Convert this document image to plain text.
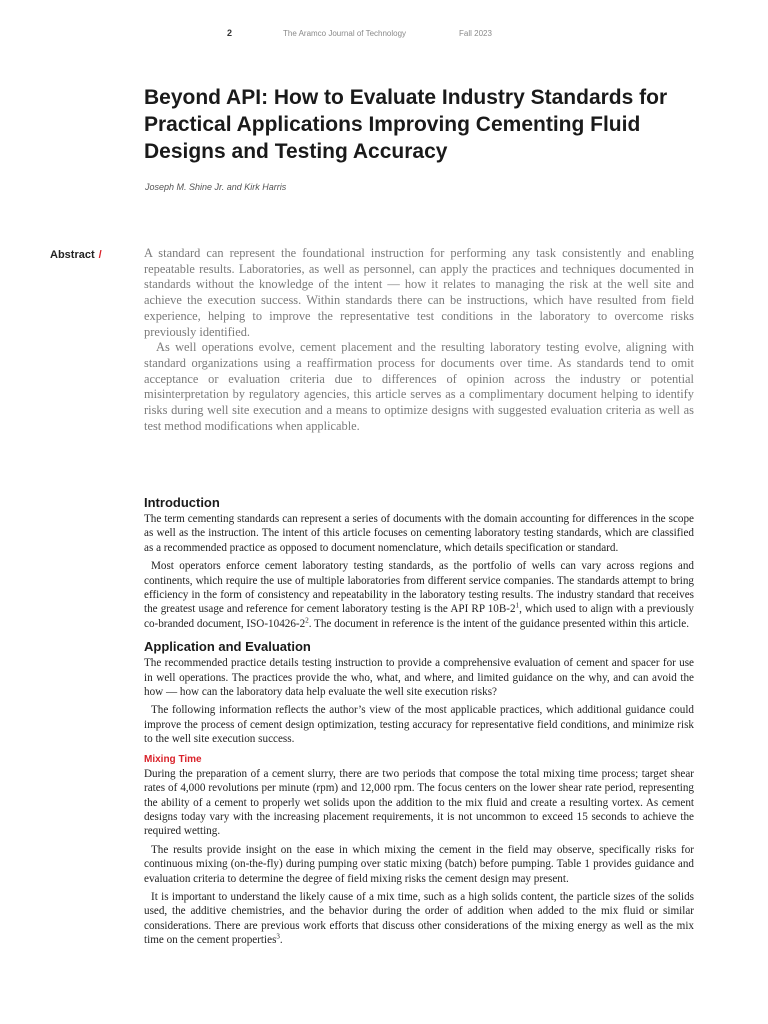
2	The Aramco Journal of Technology	Fall 2023
Beyond API: How to Evaluate Industry Standards for Practical Applications Improving Cementing Fluid Designs and Testing Accuracy
Joseph M. Shine Jr. and Kirk Harris
Abstract /	A standard can represent the foundational instruction for performing any task consistently and enabling repeatable results. Laboratories, as well as personnel, can apply the practices and techniques documented in standards without the knowledge of the intent — how it relates to managing the risk at the well site and achieve the execution success. Within standards there can be instructions, which have resulted from field experience, helping to improve the representative test conditions in the laboratory to overcome risks previously identified.

As well operations evolve, cement placement and the resulting laboratory testing evolve, aligning with standard organizations using a reaffirmation process for documents over time. As standards tend to omit acceptance or evaluation criteria due to differences of opinion across the industry or potential misinterpretation by regulatory agencies, this article serves as a complimentary document helping to identify risks during well site execution and a means to optimize designs with suggested evaluation criteria as well as test method modifications when applicable.

Introduction

The term cementing standards can represent a series of documents with the domain accounting for differences in the scope as well as the instruction. The intent of this article focuses on cementing laboratory testing standards, which are classified as a recommended practice as opposed to document nomenclature, which details specification or standard.

Most operators enforce cement laboratory testing standards, as the portfolio of wells can vary across regions and continents, which require the use of multiple laboratories from different service companies. The standards attempt to bring efficiency in the form of consistency and repeatability in the laboratory testing results. The industry standard that receives the greatest usage and reference for cement laboratory testing is the API RP $10B-2^1$, which used to align with a previously co-branded document, ISO-$10426-2^2$. The document in reference is the intent of the guidance presented within this article.

Application and Evaluation

The recommended practice details testing instruction to provide a comprehensive evaluation of cement and spacer for use in well operations. The practices provide the who, what, and where, and limited guidance on the why, and can avoid the how — how can the laboratory data help evaluate the well site execution risks?

The following information reflects the author’s view of the most applicable practices, which additional guidance could improve the process of cement design optimization, testing accuracy for representative field conditions, and minimize risk to the well site execution success.

Mixing Time

During the preparation of a cement slurry, there are two periods that compose the total mixing time process; target shear rates of 4,000 revolutions per minute (rpm) and 12,000 rpm. The focus centers on the lower shear rate period, representing the ability of a cement to properly wet solids upon the addition to the mix fluid and create a resulting vortex. As cement designs today vary with the increasing placement requirements, it is not uncommon to exceed 15 seconds to achieve the required wetting.

The results provide insight on the ease in which mixing the cement in the field may observe, specifically risks for continuous mixing (on-the-fly) during pumping over static mixing (batch) before pumping. Table 1 provides guidance and evaluation criteria to determine the degree of field mixing risks the cement design may present.

It is important to understand the likely cause of a mix time, such as a high solids content, the particle sizes of the solids used, the additive chemistries, and the behavior during the order of addition when added to the mix fluid or similar considerations. There are previous work efforts that discuss other considerations of the mixing energy as well as the mix time on the cement properties$^3$.
